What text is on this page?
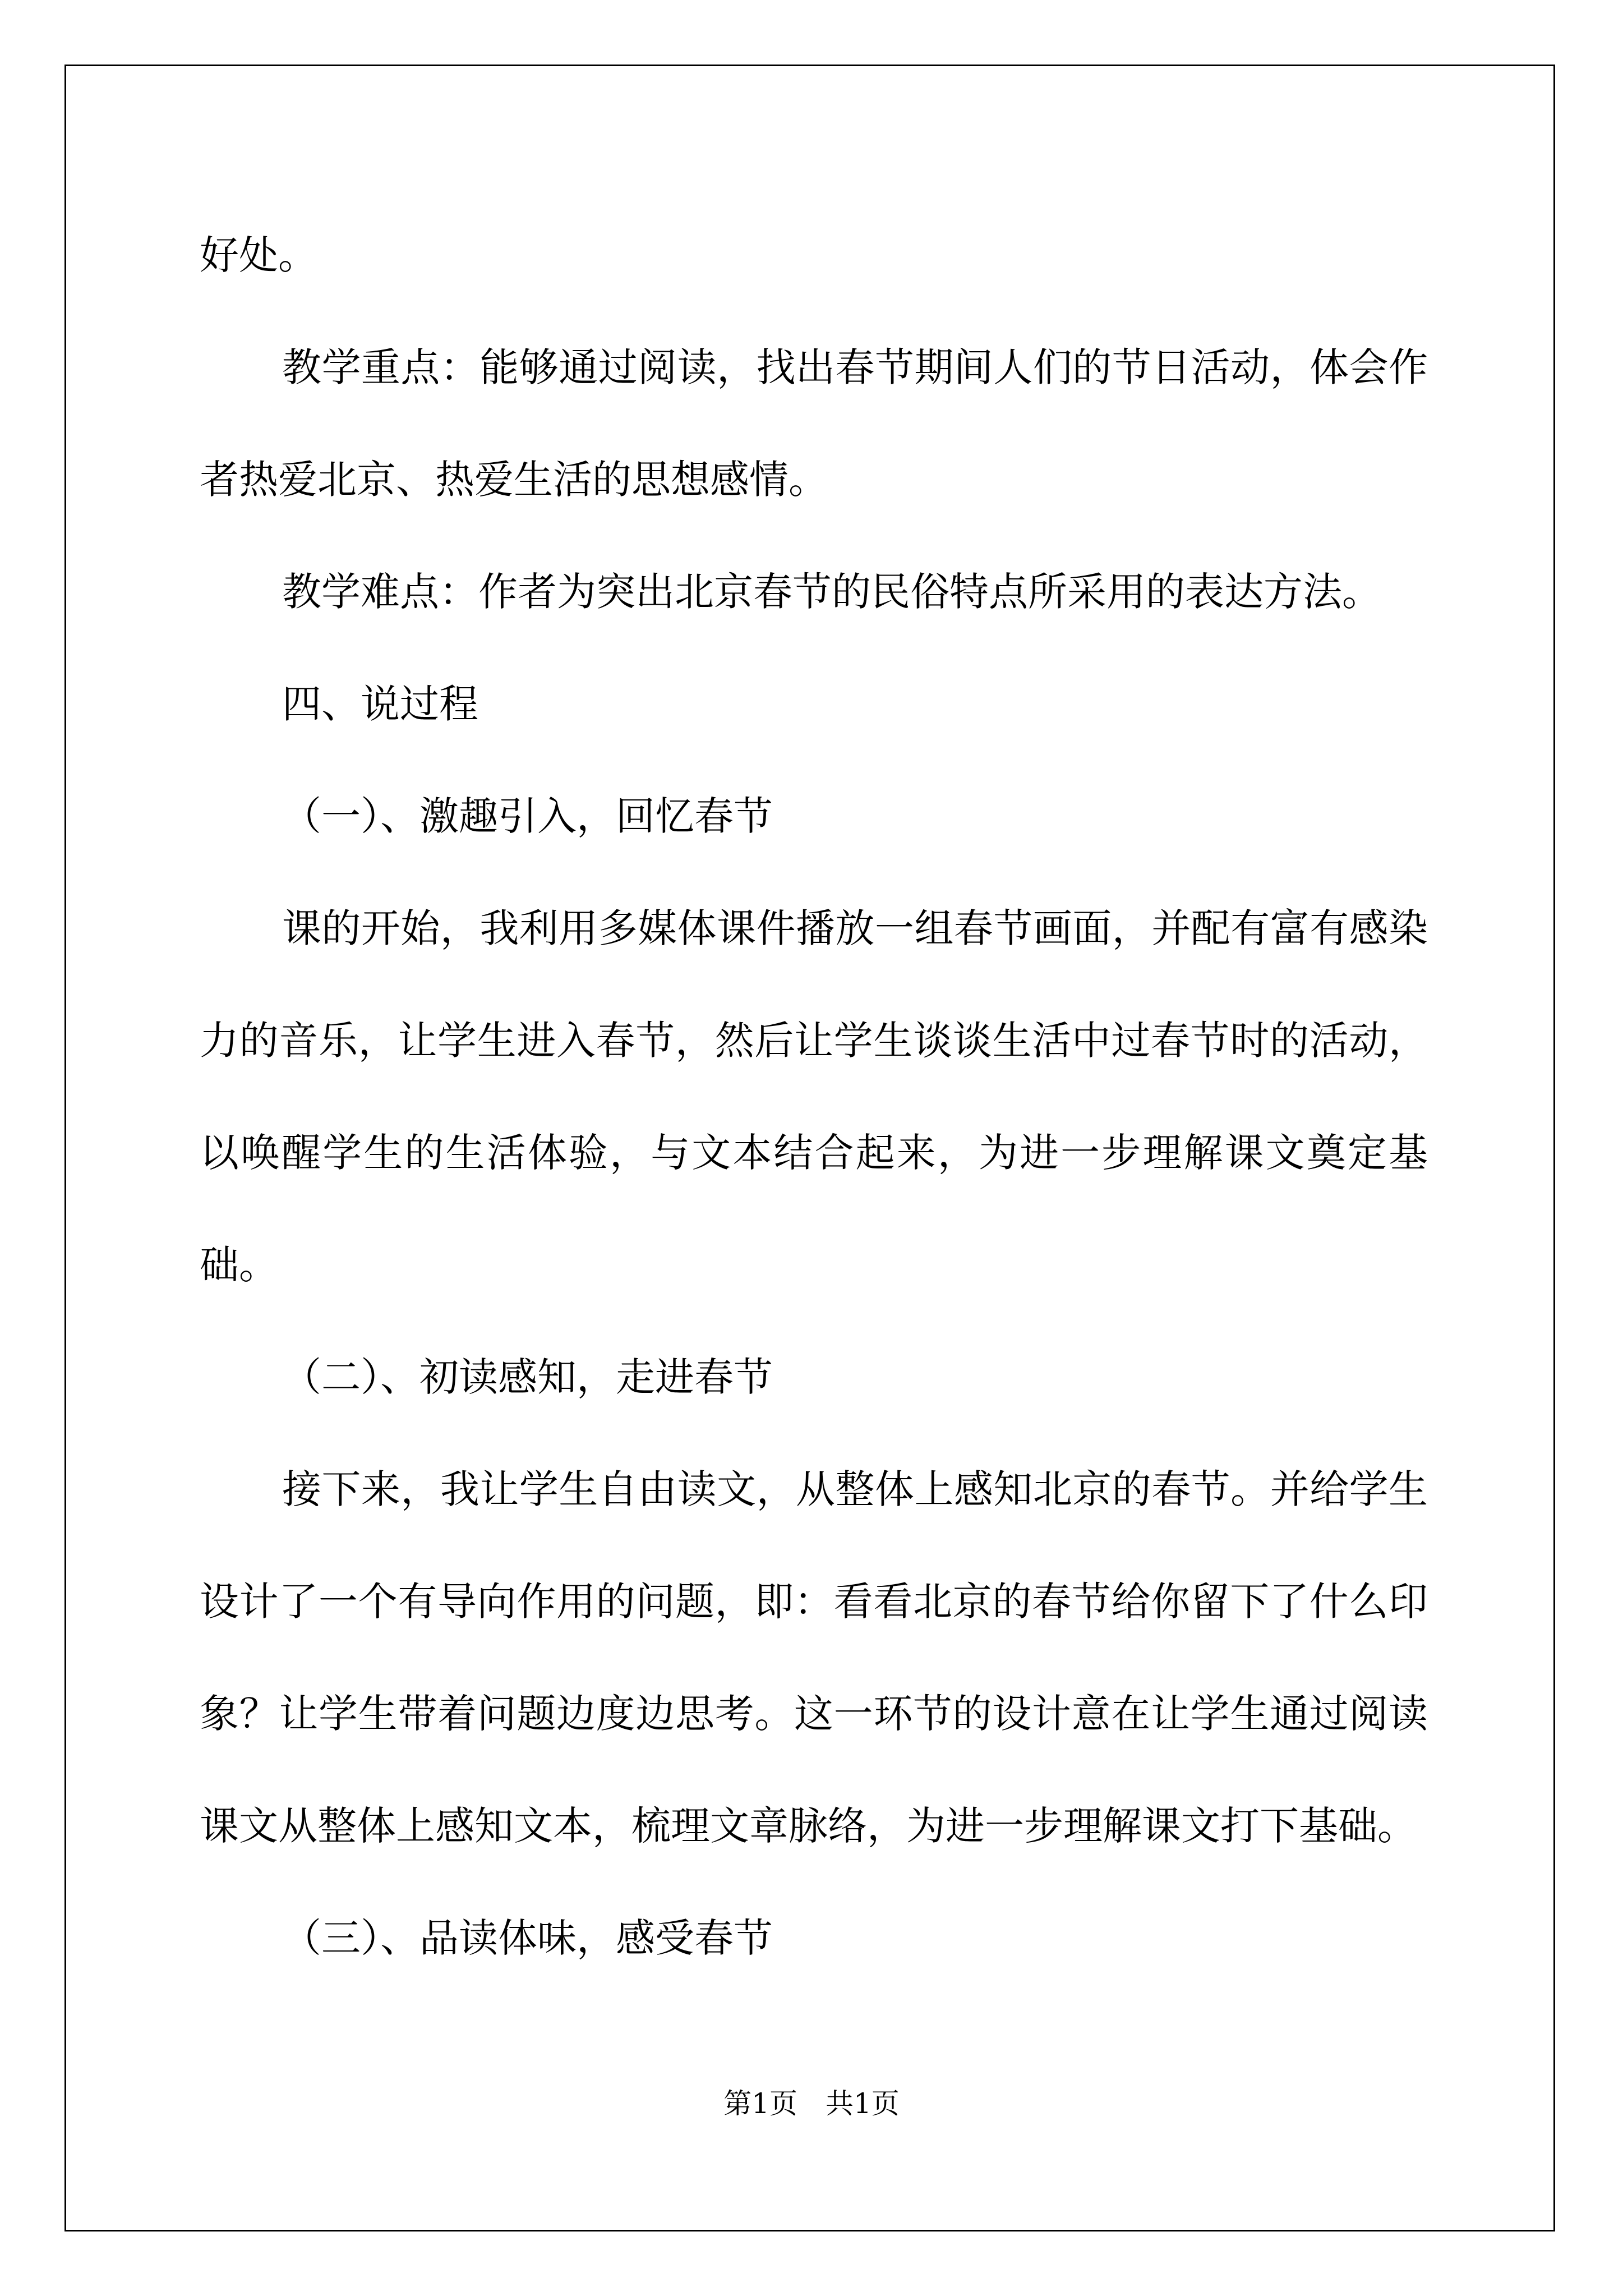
好处。

教学重点：能够通过阅读，找出春节期间人们的节日活动，体会作者热爱北京、热爱生活的思想感情。

教学难点：作者为突出北京春节的民俗特点所采用的表达方法。

四、说过程

（一）、激趣引入，回忆春节

课的开始，我利用多媒体课件播放一组春节画面，并配有富有感染力的音乐，让学生进入春节，然后让学生谈谈生活中过春节时的活动，以唤醒学生的生活体验，与文本结合起来，为进一步理解课文奠定基础。

（二）、初读感知，走进春节

接下来，我让学生自由读文，从整体上感知北京的春节。并给学生设计了一个有导向作用的问题，即：看看北京的春节给你留下了什么印象？让学生带着问题边度边思考。这一环节的设计意在让学生通过阅读课文从整体上感知文本，梳理文章脉络，为进一步理解课文打下基础。

（三）、品读体味，感受春节

第1页　共1页
